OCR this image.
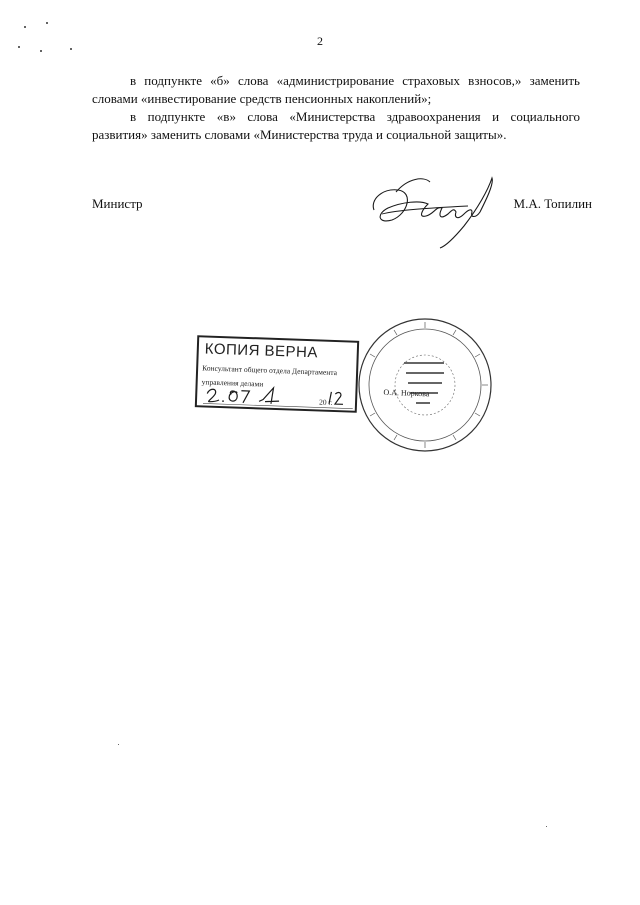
2
в подпункте «б» слова «администрирование страховых взносов,» заменить словами «инвестирование средств пенсионных накоплений»;
в подпункте «в» слова «Министерства здравоохранения и социального развития» заменить словами «Министерства труда и социальной защиты».
Министр	М.А. Топилин
КОПИЯ ВЕРНА
Консультант общего отдела Департамента
управления делами
20 г.
О.А. Норкова
